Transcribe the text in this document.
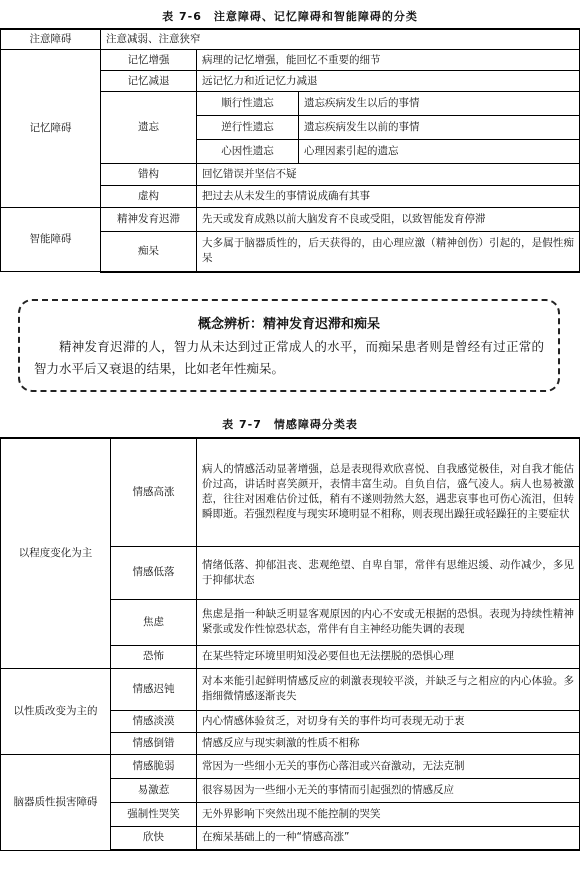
表 7-6　注意障碍、记忆障碍和智能障碍的分类
注意障碍	注意减弱、注意狭窄		
记忆障碍	记忆增强	病理的记忆增强，能回忆不重要的细节	
	记忆减退	远记忆力和近记忆力减退	
	遗忘	顺行性遗忘	遗忘疾病发生以后的事情
		逆行性遗忘	遗忘疾病发生以前的事情
		心因性遗忘	心理因素引起的遗忘
	错构	回忆错误并坚信不疑	
	虚构	把过去从未发生的事情说成确有其事	
智能障碍	精神发育迟滞	先天或发育成熟以前大脑发育不良或受阻，以致智能发育停滞	
	痴呆	大多属于脑器质性的，后天获得的，由心理应激（精神创伤）引起的，是假性痴呆	
概念辨析：精神发育迟滞和痴呆
精神发育迟滞的人，智力从未达到过正常成人的水平，而痴呆患者则是曾经有过正常的智力水平后又衰退的结果，比如老年性痴呆。
表 7-7　情感障碍分类表
以程度变化为主	情感高涨	病人的情感活动显著增强，总是表现得欢欣喜悦、自我感觉极佳，对自我才能估价过高，讲话时喜笑颜开，表情丰富生动。自负自信，盛气凌人。病人也易被激惹，往往对困难估价过低，稍有不遂则勃然大怒，遇悲哀事也可伤心流泪，但转瞬即逝。若强烈程度与现实环境明显不相称，则表现出躁狂或轻躁狂的主要症状
	情感低落	情绪低落、抑郁沮丧、悲观绝望、自卑自罪，常伴有思维迟缓、动作减少，多见于抑郁状态
	焦虑	焦虑是指一种缺乏明显客观原因的内心不安或无根据的恐惧。表现为持续性精神紧张或发作性惊恐状态，常伴有自主神经功能失调的表现
	恐怖	在某些特定环境里明知没必要但也无法摆脱的恐惧心理
以性质改变为主的	情感迟钝	对本来能引起鲜明情感反应的刺激表现较平淡，并缺乏与之相应的内心体验。多指细微情感逐渐丧失
	情感淡漠	内心情感体验贫乏，对切身有关的事件均可表现无动于衷
	情感倒错	情感反应与现实刺激的性质不相称
脑器质性损害障碍	情感脆弱	常因为一些细小无关的事伤心落泪或兴奋激动，无法克制
	易激惹	很容易因为一些细小无关的事情而引起强烈的情感反应
	强制性哭笑	无外界影响下突然出现不能控制的哭笑
	欣快	在痴呆基础上的一种“情感高涨”
